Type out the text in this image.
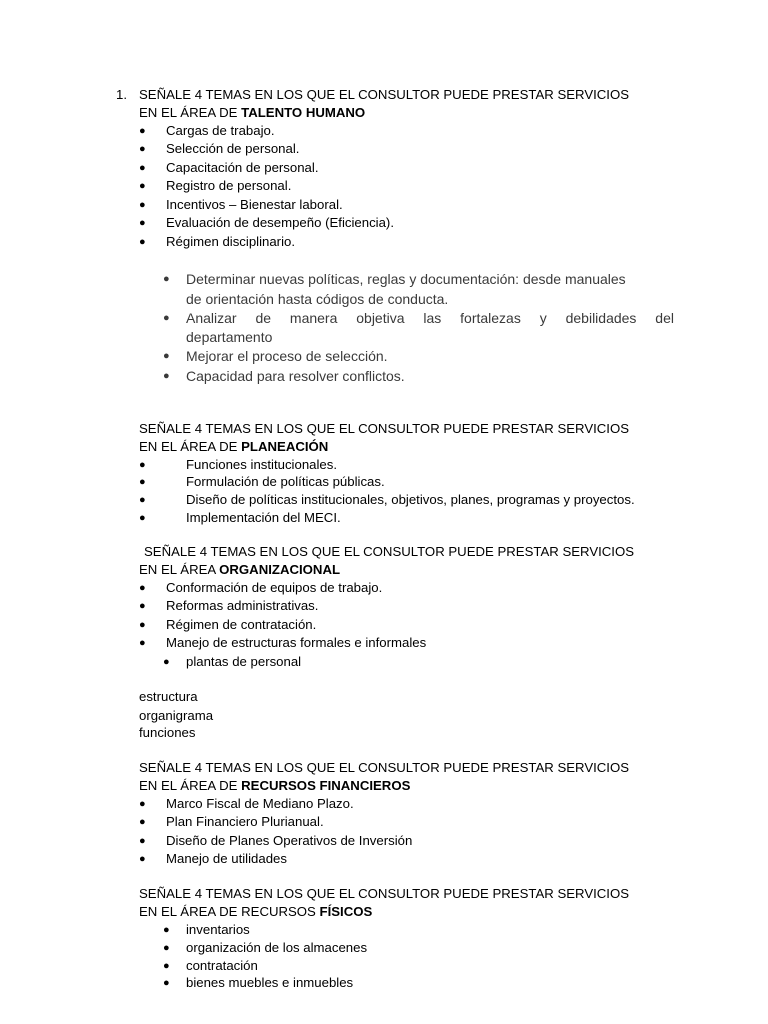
1. SEÑALE 4 TEMAS EN LOS QUE EL CONSULTOR PUEDE PRESTAR SERVICIOS
EN EL ÁREA DE TALENTO HUMANO
● Cargas de trabajo.
● Selección de personal.
● Capacitación de personal.
● Registro de personal.
● Incentivos – Bienestar laboral.
● Evaluación de desempeño (Eficiencia).
● Régimen disciplinario.
● Determinar nuevas políticas, reglas y documentación: desde manuales
de orientación hasta códigos de conducta.
● Analizar de manera objetiva las fortalezas y debilidades del
departamento
● Mejorar el proceso de selección.
● Capacidad para resolver conflictos.
SEÑALE 4 TEMAS EN LOS QUE EL CONSULTOR PUEDE PRESTAR SERVICIOS
EN EL ÁREA DE PLANEACIÓN
●	Funciones institucionales.
●	Formulación de políticas públicas.
●	Diseño de políticas institucionales, objetivos, planes, programas y proyectos.
●	Implementación del MECI.
SEÑALE 4 TEMAS EN LOS QUE EL CONSULTOR PUEDE PRESTAR SERVICIOS
EN EL ÁREA ORGANIZACIONAL
● Conformación de equipos de trabajo.
● Reformas administrativas.
● Régimen de contratación.
● Manejo de estructuras formales e informales
● plantas de personal
estructura
organigrama
funciones
SEÑALE 4 TEMAS EN LOS QUE EL CONSULTOR PUEDE PRESTAR SERVICIOS
EN EL ÁREA DE RECURSOS FINANCIEROS
● Marco Fiscal de Mediano Plazo.
● Plan Financiero Plurianual.
● Diseño de Planes Operativos de Inversión
● Manejo de utilidades
SEÑALE 4 TEMAS EN LOS QUE EL CONSULTOR PUEDE PRESTAR SERVICIOS
EN EL ÁREA DE RECURSOS FÍSICOS
● inventarios
● organización de los almacenes
● contratación
● bienes muebles e inmuebles
